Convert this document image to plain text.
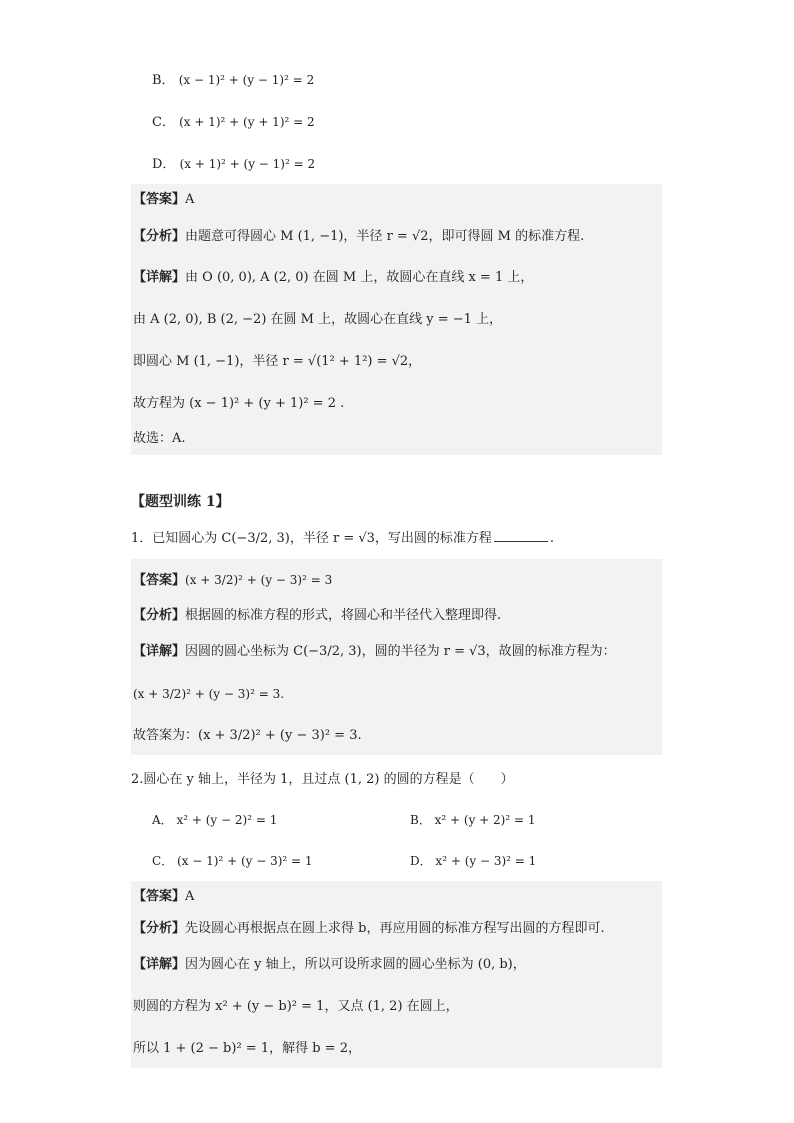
B． (x − 1)² + (y − 1)² = 2
C． (x + 1)² + (y + 1)² = 2
D． (x + 1)² + (y − 1)² = 2
【答案】A
【分析】由题意可得圆心 M (1, −1)，半径 r = √2，即可得圆 M 的标准方程.
【详解】由 O (0, 0), A (2, 0) 在圆 M 上，故圆心在直线 x = 1 上，
由 A (2, 0), B (2, −2) 在圆 M 上，故圆心在直线 y = −1 上，
即圆心 M (1, −1)，半径 r = √(1² + 1²) = √2，
故方程为 (x − 1)² + (y + 1)² = 2 .
故选：A.
【题型训练 1】
1．已知圆心为 C(−3/2, 3)，半径 r = √3，写出圆的标准方程	.
【答案】(x + 3/2)² + (y − 3)² = 3
【分析】根据圆的标准方程的形式，将圆心和半径代入整理即得.
【详解】因圆的圆心坐标为 C(−3/2, 3)，圆的半径为 r = √3，故圆的标准方程为：
(x + 3/2)² + (y − 3)² = 3.
故答案为：(x + 3/2)² + (y − 3)² = 3.
2.圆心在 y 轴上，半径为 1，且过点 (1, 2) 的圆的方程是（　　）
A． x² + (y − 2)² = 1	B． x² + (y + 2)² = 1
C． (x − 1)² + (y − 3)² = 1	D． x² + (y − 3)² = 1
【答案】A
【分析】先设圆心再根据点在圆上求得 b，再应用圆的标准方程写出圆的方程即可.
【详解】因为圆心在 y 轴上，所以可设所求圆的圆心坐标为 (0, b)，
则圆的方程为 x² + (y − b)² = 1，又点 (1, 2) 在圆上，
所以 1 + (2 − b)² = 1，解得 b = 2，
